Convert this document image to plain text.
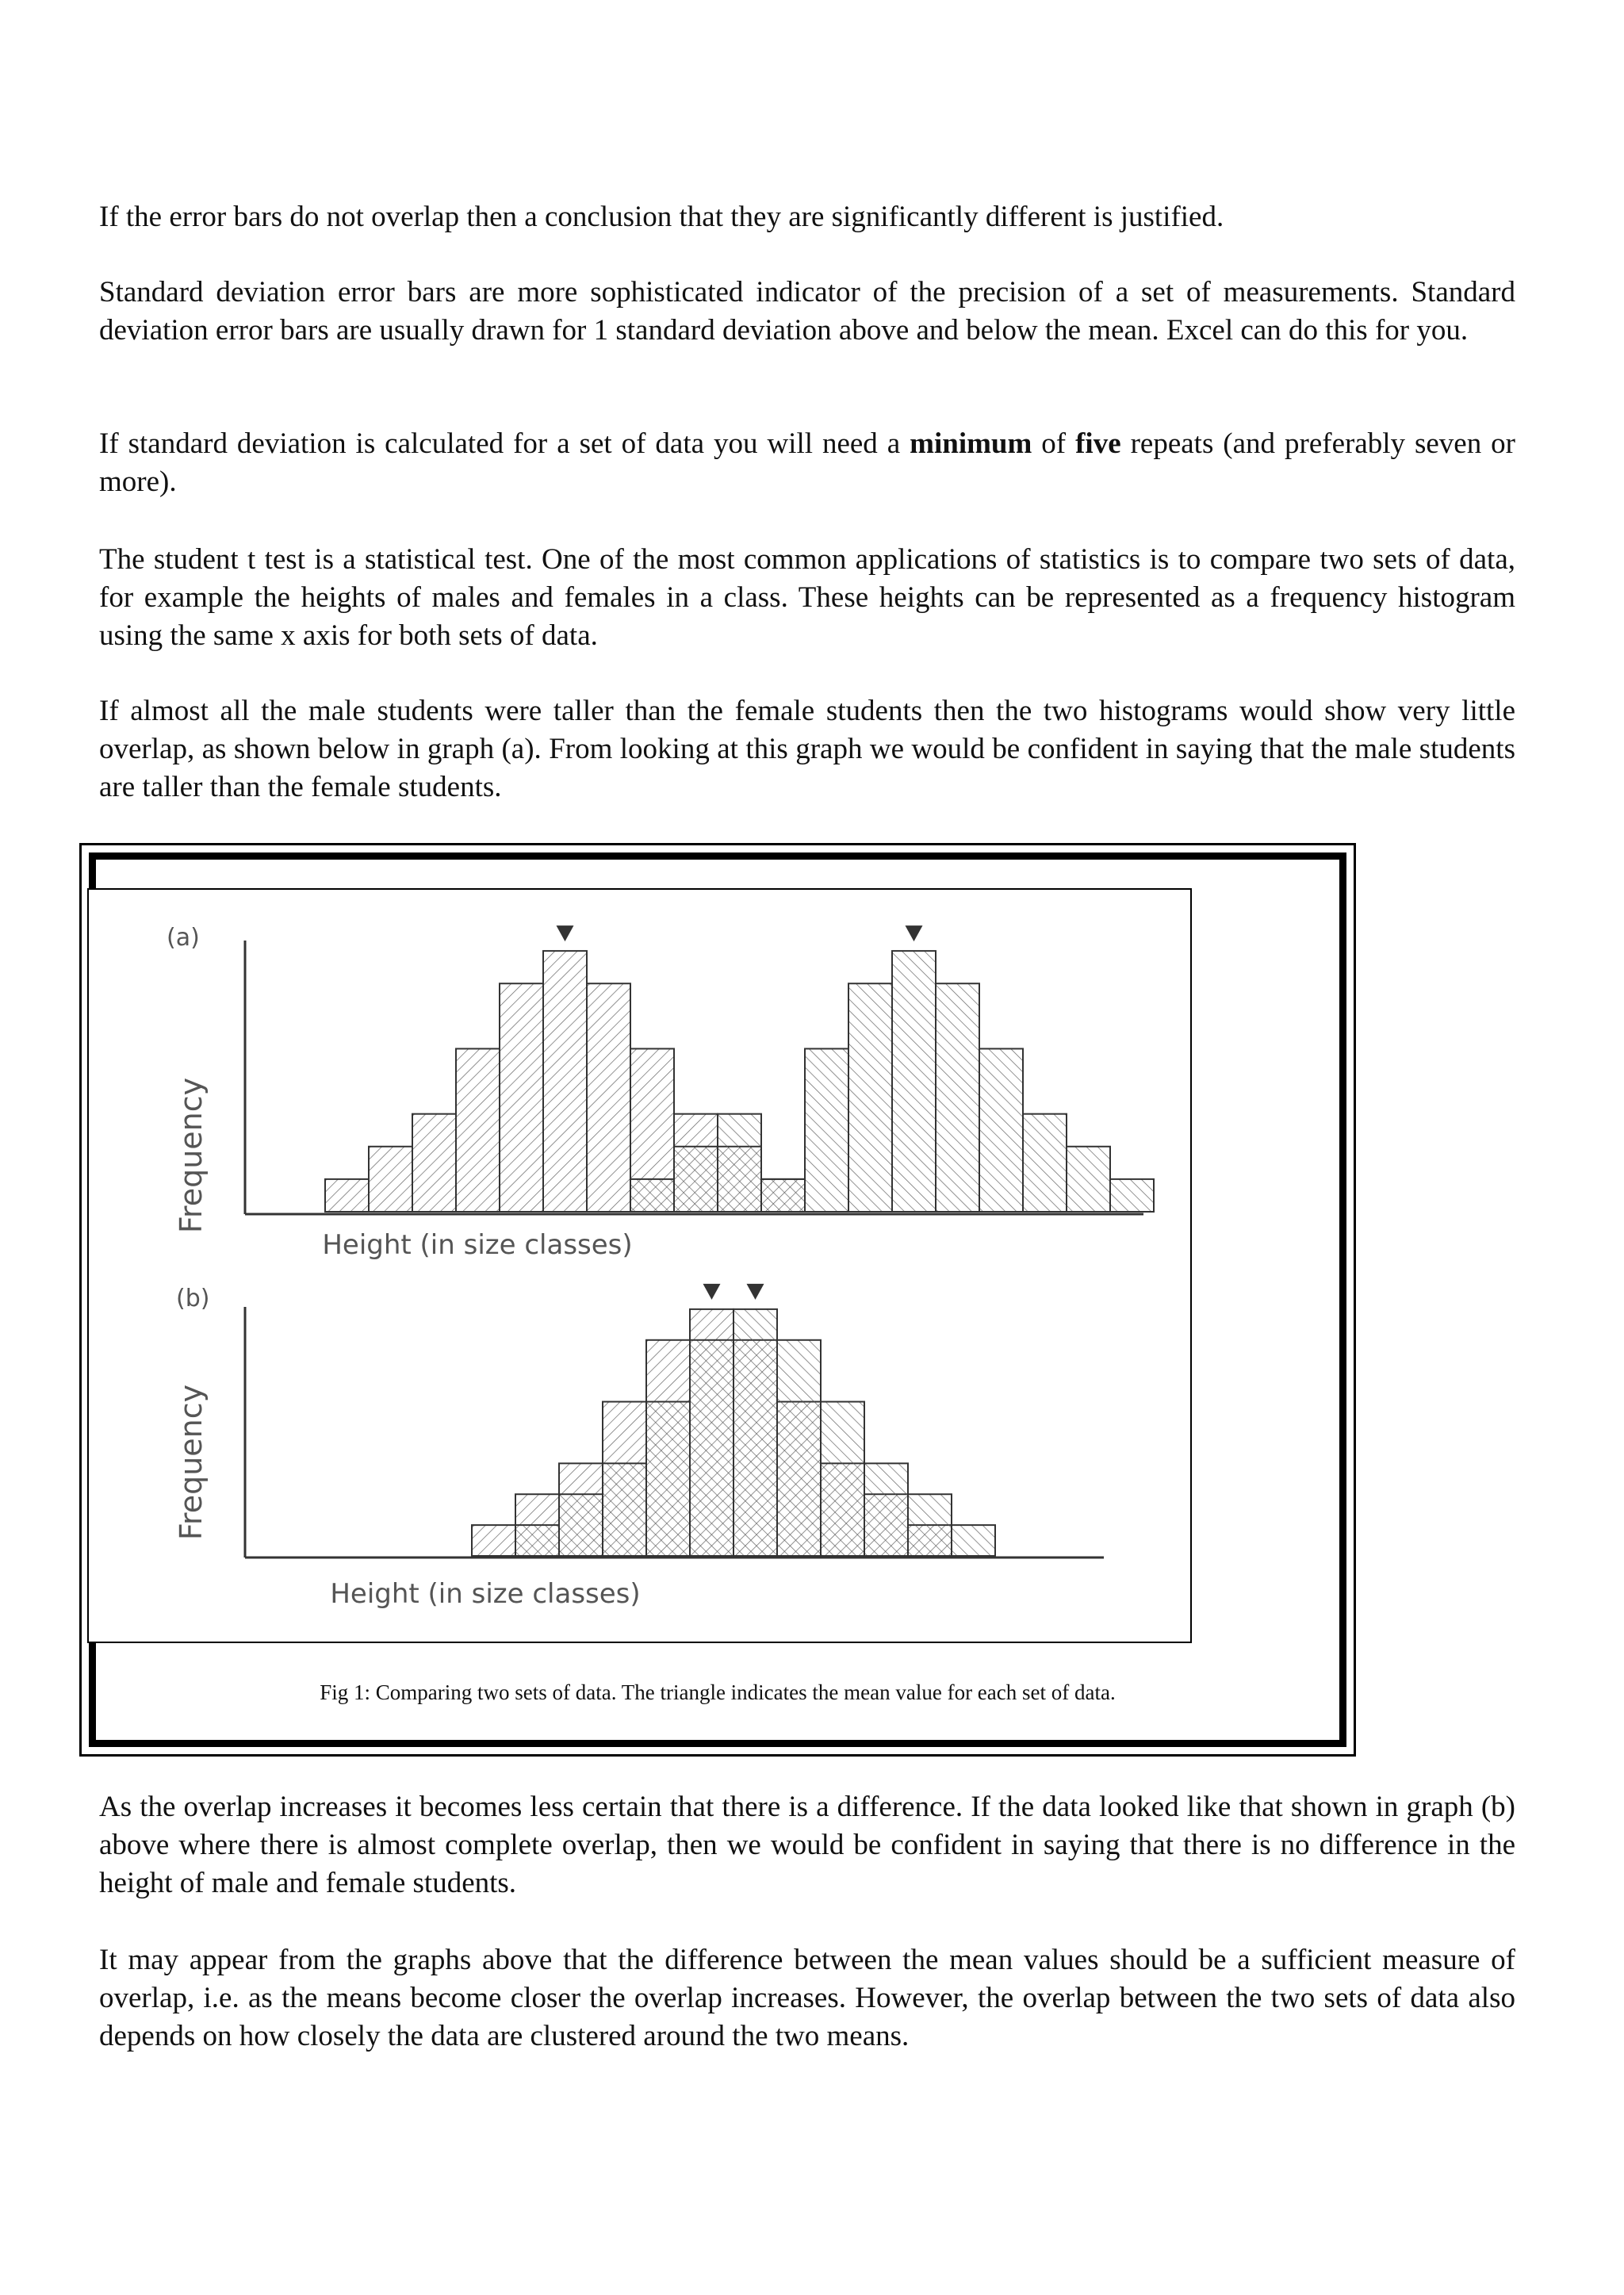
If the error bars do not overlap then a conclusion that they are significantly different is justified.

Standard deviation error bars are more sophisticated indicator of the precision of a set of measurements. Standard deviation error bars are usually drawn for 1 standard deviation above and below the mean. Excel can do this for you.

If standard deviation is calculated for a set of data you will need a minimum of five repeats (and preferably seven or more).

The student t test is a statistical test. One of the most common applications of statistics is to compare two sets of data, for example the heights of males and females in a class. These heights can be represented as a frequency histogram using the same x axis for both sets of data.

If almost all the male students were taller than the female students then the two histograms would show very little overlap, as shown below in graph (a). From looking at this graph we would be confident in saying that the male students are taller than the female students.

(a)
Frequency
Height (in size classes)
(b)
Frequency
Height (in size classes)
Fig 1: Comparing two sets of data. The triangle indicates the mean value for each set of data.

As the overlap increases it becomes less certain that there is a difference. If the data looked like that shown in graph (b) above where there is almost complete overlap, then we would be confident in saying that there is no difference in the height of male and female students.

It may appear from the graphs above that the difference between the mean values should be a sufficient measure of overlap, i.e. as the means become closer the overlap increases. However, the overlap between the two sets of data also depends on how closely the data are clustered around the two means.
